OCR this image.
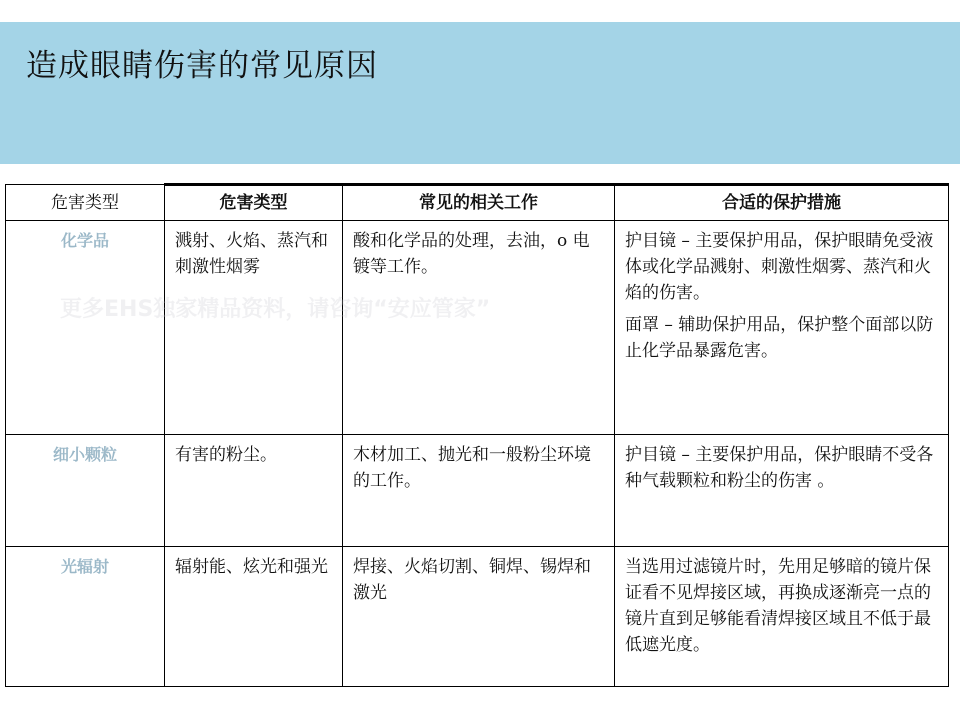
造成眼睛伤害的常见原因
危害类型	危害类型	常见的相关工作	合适的保护措施
化学品	溅射、火焰、蒸汽和刺激性烟雾	酸和化学品的处理，去油，o 电镀等工作。	护目镜 – 主要保护用品，保护眼睛免受液体或化学品溅射、刺激性烟雾、蒸汽和火焰的伤害。

面罩 – 辅助保护用品，保护整个面部以防止化学品暴露危害。

细小颗粒	有害的粉尘。	木材加工、抛光和一般粉尘环境的工作。	护目镜 – 主要保护用品，保护眼睛不受各种气载颗粒和粉尘的伤害 。

光辐射	辐射能、炫光和强光	焊接、火焰切割、铜焊、锡焊和激光	当选用过滤镜片时，先用足够暗的镜片保证看不见焊接区域，再换成逐渐亮一点的镜片直到足够能看清焊接区域且不低于最低遮光度。

更多EHS独家精品资料，请咨询“安应管家”
